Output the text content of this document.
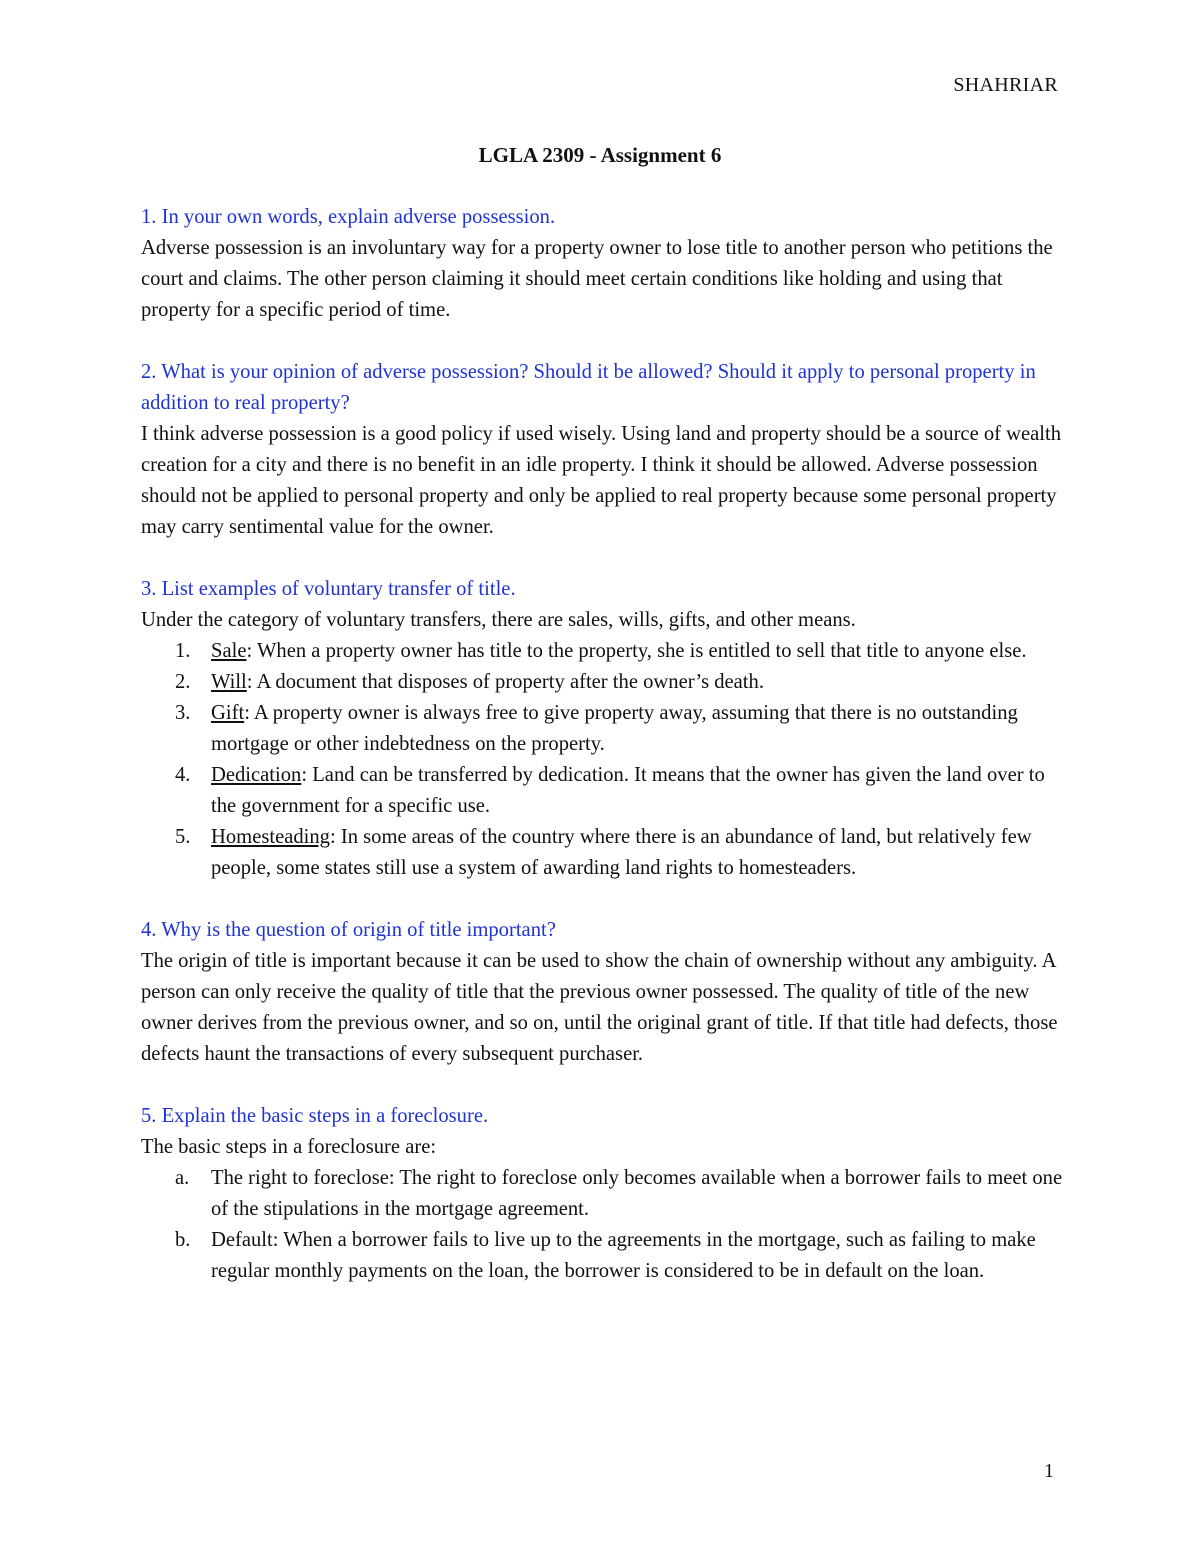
SHAHRIAR
LGLA 2309 - Assignment 6

1. In your own words, explain adverse possession.

Adverse possession is an involuntary way for a property owner to lose title to another person who petitions the court and claims. The other person claiming it should meet certain conditions like holding and using that property for a specific period of time.

2. What is your opinion of adverse possession? Should it be allowed? Should it apply to personal property in addition to real property?

I think adverse possession is a good policy if used wisely. Using land and property should be a source of wealth creation for a city and there is no benefit in an idle property. I think it should be allowed. Adverse possession should not be applied to personal property and only be applied to real property because some personal property may carry sentimental value for the owner.

3. List examples of voluntary transfer of title.

Under the category of voluntary transfers, there are sales, wills, gifts, and other means.

1. Sale: When a property owner has title to the property, she is entitled to sell that title to anyone else.

2. Will: A document that disposes of property after the owner’s death.

3. Gift: A property owner is always free to give property away, assuming that there is no outstanding mortgage or other indebtedness on the property.

4. Dedication: Land can be transferred by dedication. It means that the owner has given the land over to the government for a specific use.

5. Homesteading: In some areas of the country where there is an abundance of land, but relatively few people, some states still use a system of awarding land rights to homesteaders.

4. Why is the question of origin of title important?

The origin of title is important because it can be used to show the chain of ownership without any ambiguity. A person can only receive the quality of title that the previous owner possessed. The quality of title of the new owner derives from the previous owner, and so on, until the original grant of title. If that title had defects, those defects haunt the transactions of every subsequent purchaser.

5. Explain the basic steps in a foreclosure.

The basic steps in a foreclosure are:

a. The right to foreclose: The right to foreclose only becomes available when a borrower fails to meet one of the stipulations in the mortgage agreement.

b. Default: When a borrower fails to live up to the agreements in the mortgage, such as failing to make regular monthly payments on the loan, the borrower is considered to be in default on the loan.

1
